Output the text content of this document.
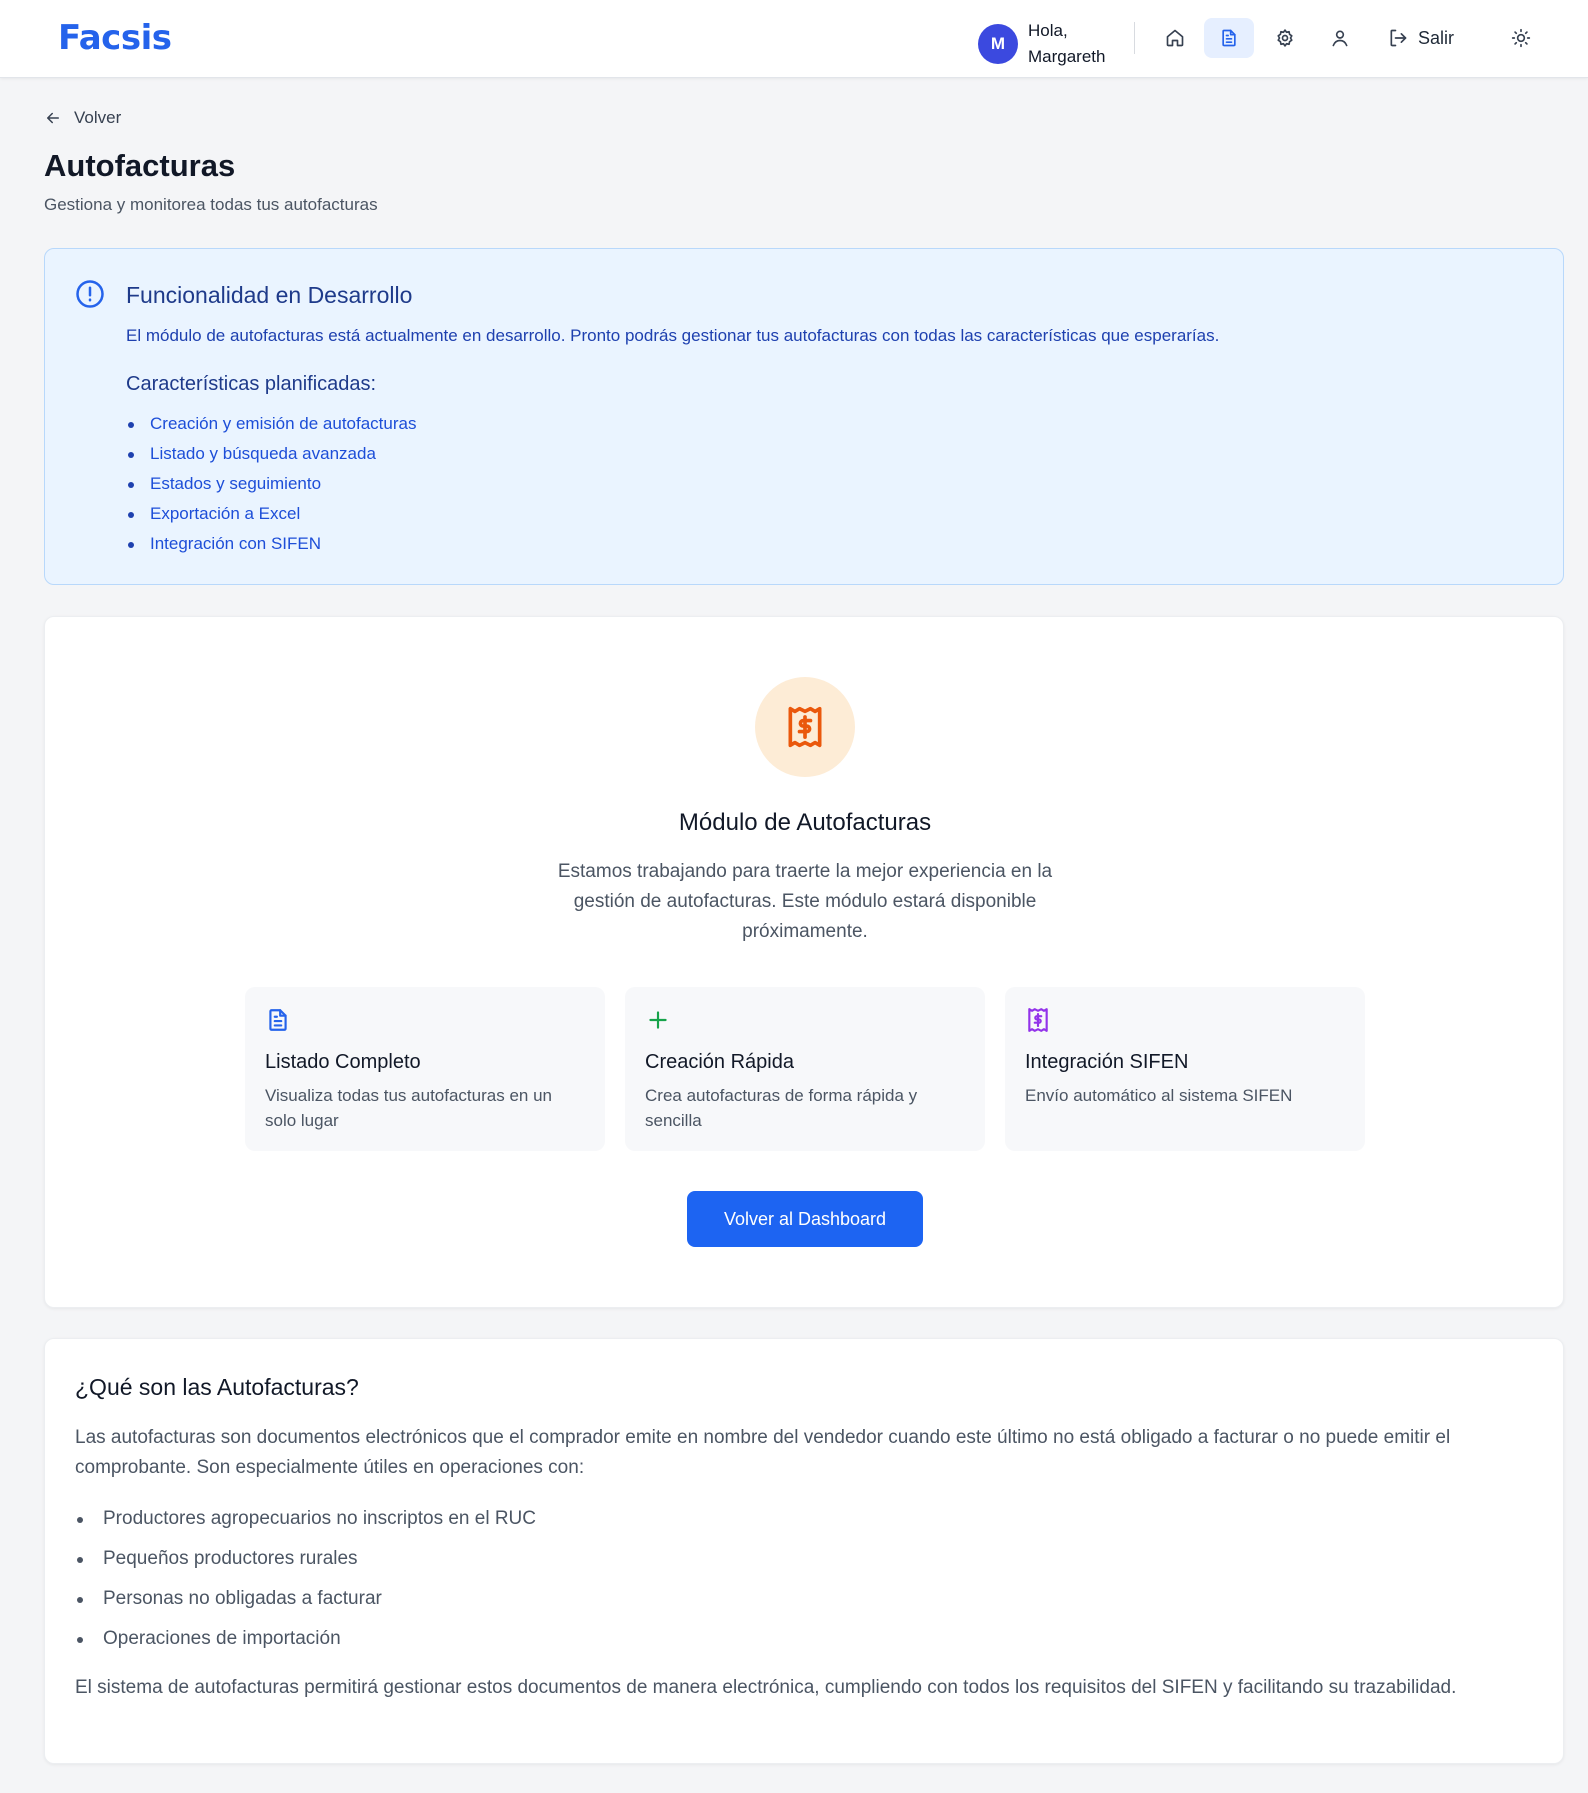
Facsis	M
Hola,
Margareth
Salir
Volver
Autofacturas
Gestiona y monitorea todas tus autofacturas
Funcionalidad en Desarrollo
El módulo de autofacturas está actualmente en desarrollo. Pronto podrás gestionar tus autofacturas con todas las características que esperarías.
Características planificadas:
Creación y emisión de autofacturas
Listado y búsqueda avanzada
Estados y seguimiento
Exportación a Excel
Integración con SIFEN
Módulo de Autofacturas
Estamos trabajando para traerte la mejor experiencia en la gestión de autofacturas. Este módulo estará disponible próximamente.
Listado Completo
Visualiza todas tus autofacturas en un solo lugar
Creación Rápida
Crea autofacturas de forma rápida y sencilla
Integración SIFEN
Envío automático al sistema SIFEN
Volver al Dashboard
¿Qué son las Autofacturas?
Las autofacturas son documentos electrónicos que el comprador emite en nombre del vendedor cuando este último no está obligado a facturar o no puede emitir el comprobante. Son especialmente útiles en operaciones con:
Productores agropecuarios no inscriptos en el RUC
Pequeños productores rurales
Personas no obligadas a facturar
Operaciones de importación
El sistema de autofacturas permitirá gestionar estos documentos de manera electrónica, cumpliendo con todos los requisitos del SIFEN y facilitando su trazabilidad.
